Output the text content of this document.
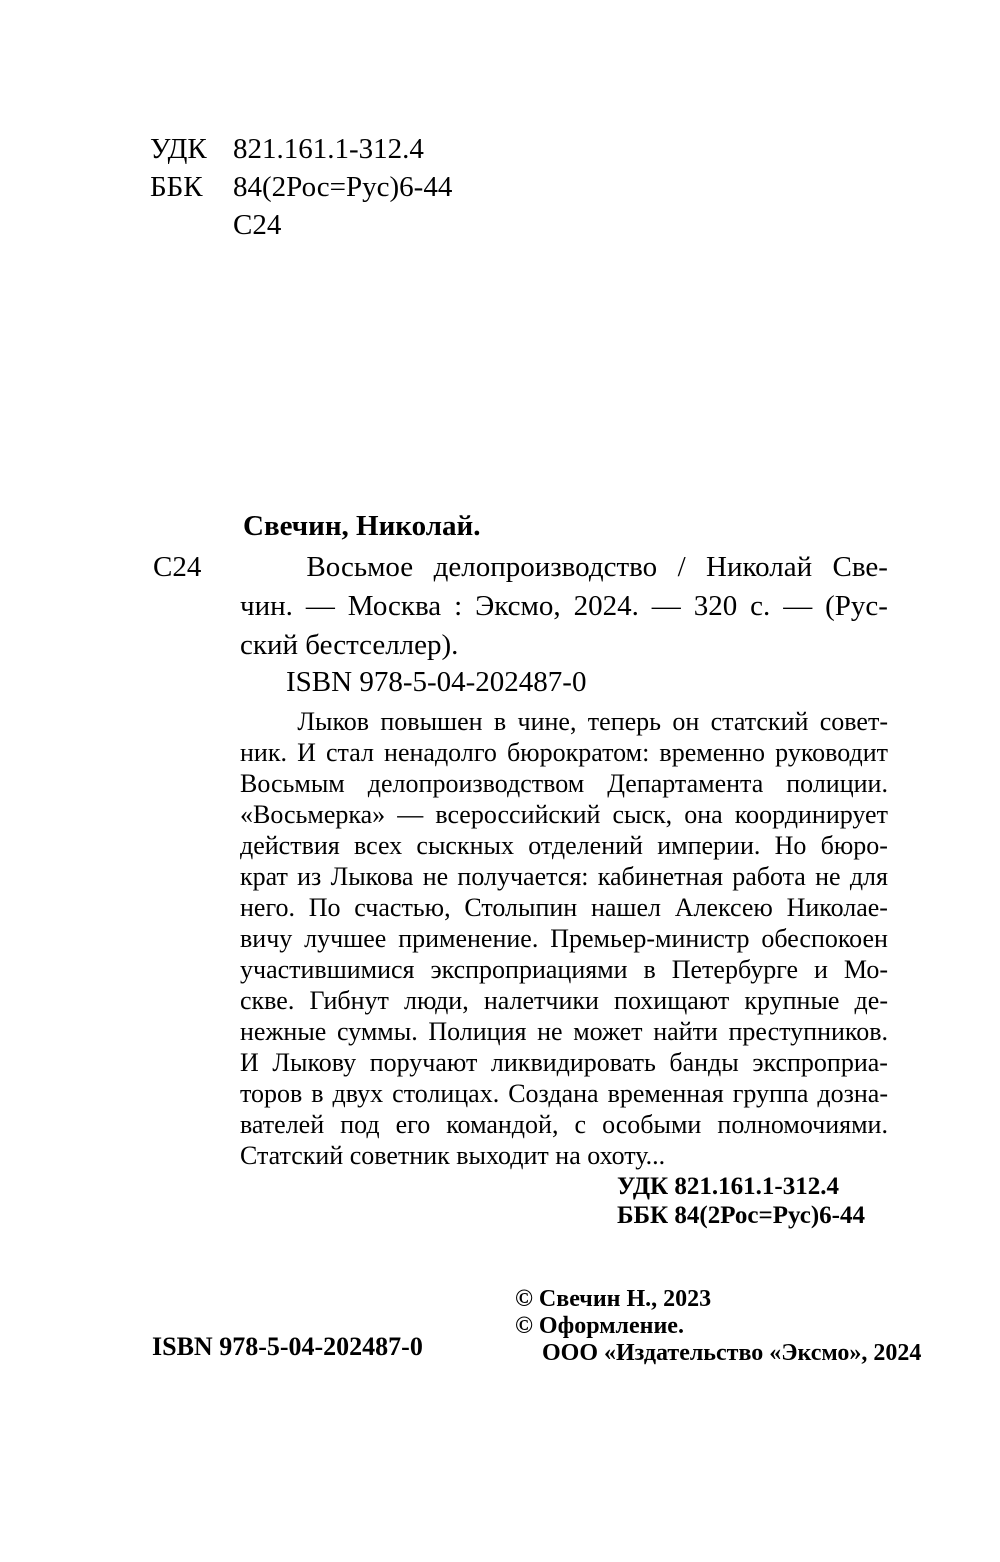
УДК 821.161.1-312.4
ББК	84(2Рос=Рус)6-44
С24
Свечин, Николай.
С24	Восьмое делопроизводство / Николай Све-
чин. — Москва : Эксмо, 2024. — 320 с. — (Рус-
ский бестселлер).
ISBN 978-5-04-202487-0
Лыков повышен в чине, теперь он статский совет-
ник. И стал ненадолго бюрократом: временно руководит
Восьмым делопроизводством Департамента полиции.
«Восьмерка» — всероссийский сыск, она координирует
действия всех сыскных отделений империи. Но бюро-
крат из Лыкова не получается: кабинетная работа не для
него. По счастью, Столыпин нашел Алексею Николае-
вичу лучшее применение. Премьер-министр обеспокоен
участившимися экспроприациями в Петербурге и Мо-
скве. Гибнут люди, налетчики похищают крупные де-
нежные суммы. Полиция не может найти преступников.
И Лыкову поручают ликвидировать банды экспроприа-
торов в двух столицах. Создана временная группа дозна-
вателей под его командой, с особыми полномочиями.
Статский советник выходит на охоту...
УДК 821.161.1-312.4
ББК 84(2Рос=Рус)6-44
ISBN 978-5-04-202487-0
© Свечин Н., 2023
© Оформление.
ООО «Издательство «Эксмо», 2024
